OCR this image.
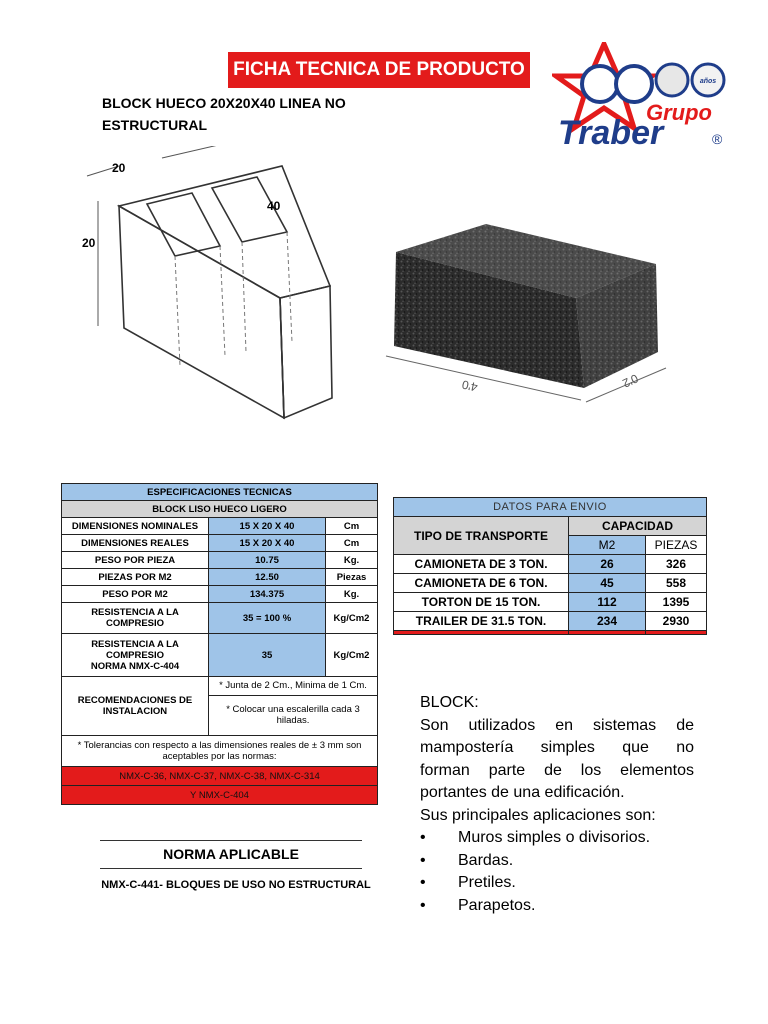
FICHA TECNICA DE PRODUCTO
BLOCK HUECO 20X20X40 LINEA NO ESTRUCTURAL
años
Grupo
Traber	®
20
40
20
4'0	0'2
ESPECIFICACIONES TECNICAS		
BLOCK LISO HUECO LIGERO		
DIMENSIONES NOMINALES	15 X 20 X 40	Cm
DIMENSIONES REALES	15 X 20 X 40	Cm
PESO POR PIEZA	10.75	Kg.
PIEZAS POR M2	12.50	Piezas
PESO POR M2	134.375	Kg.
RESISTENCIA A LA COMPRESIO	35 = 100 %	Kg/Cm2
RESISTENCIA A LA COMPRESIO
NORMA NMX-C-404	35	Kg/Cm2
RECOMENDACIONES DE INSTALACION	* Junta de 2 Cm., Minima de 1 Cm.	
	* Colocar una escalerilla cada 3 hiladas.	
* Tolerancias con respecto a las dimensiones reales de ± 3 mm son aceptables por las normas:		
NMX-C-36, NMX-C-37, NMX-C-38, NMX-C-314		
Y NMX-C-404		
DATOS PARA ENVIO		
TIPO DE TRANSPORTE	CAPACIDAD	
	M2	PIEZAS
CAMIONETA DE 3 TON.	26	326
CAMIONETA DE 6 TON.	45	558
TORTON DE 15 TON.	112	1395
TRAILER DE 31.5 TON.	234	2930

NORMA APLICABLE
NMX-C-441- BLOQUES DE USO NO ESTRUCTURAL

BLOCK:

Son utilizados en sistemas de

mampostería simples que no

forman parte de los elementos

portantes de una edificación.

Sus principales aplicaciones son:

•	Muros simples o divisorios.
•	Bardas.
•	Pretiles.
•	Parapetos.
